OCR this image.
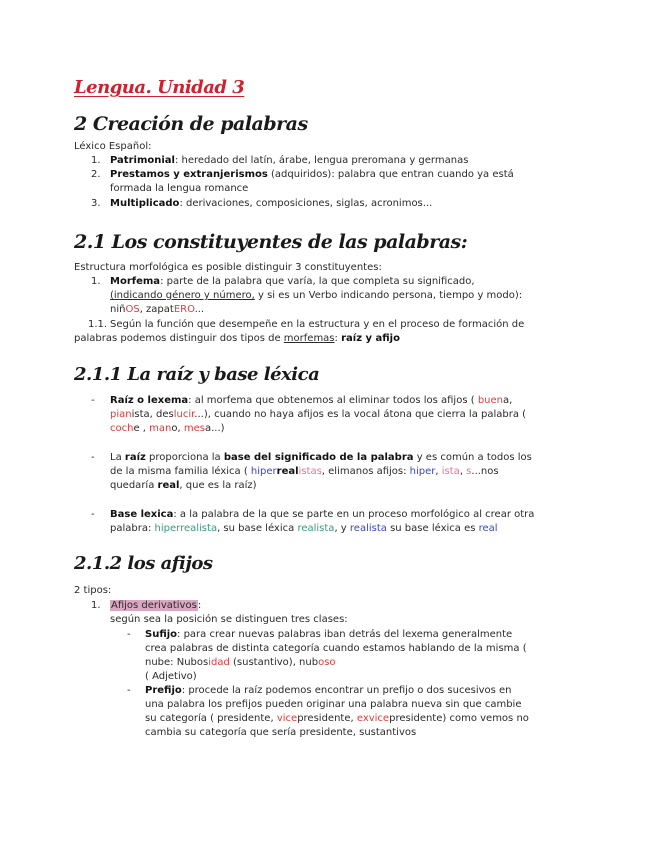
Lengua. Unidad 3
2 Creación de palabras
Léxico Español:
1. Patrimonial: heredado del latín, árabe, lengua preromana y germanas
2. Prestamos y extranjerismos (adquiridos): palabra que entran cuando ya está
formada la lengua romance
3. Multiplicado: derivaciones, composiciones, siglas, acronimos...
2.1 Los constituyentes de las palabras:
Estructura morfológica es posible distinguir 3 constituyentes:
1. Morfema: parte de la palabra que varía, la que completa su significado,
(indicando género y número, y si es un Verbo indicando persona, tiempo y modo):
niñOS, zapatERO...
1.1. Según la función que desempeñe en la estructura y en el proceso de formación de
palabras podemos distinguir dos tipos de morfemas: raíz y afijo
2.1.1 La raíz y base léxica
- Raíz o lexema: al morfema que obtenemos al eliminar todos los afijos ( buena,
pianista, deslucir...), cuando no haya afijos es la vocal átona que cierra la palabra (
coche , mano, mesa...)
- La raíz proporciona la base del significado de la palabra y es común a todos los
de la misma familia léxica ( hiperrealistas, elimanos afijos: hiper, ista, s...nos
quedaría real, que es la raíz)
- Base lexica: a la palabra de la que se parte en un proceso morfológico al crear otra
palabra: hiperrealista, su base léxica realista, y realista su base léxica es real
2.1.2 los afijos
2 tipos:
1. Afijos derivativos:
según sea la posición se distinguen tres clases:
- Sufijo: para crear nuevas palabras iban detrás del lexema generalmente
crea palabras de distinta categoría cuando estamos hablando de la misma (
nube: Nubosidad (sustantivo), nuboso
( Adjetivo)
- Prefijo: procede la raíz podemos encontrar un prefijo o dos sucesivos en
una palabra los prefijos pueden originar una palabra nueva sin que cambie
su categoría ( presidente, vicepresidente, exvicepresidente) como vemos no
cambia su categoría que sería presidente, sustantivos
